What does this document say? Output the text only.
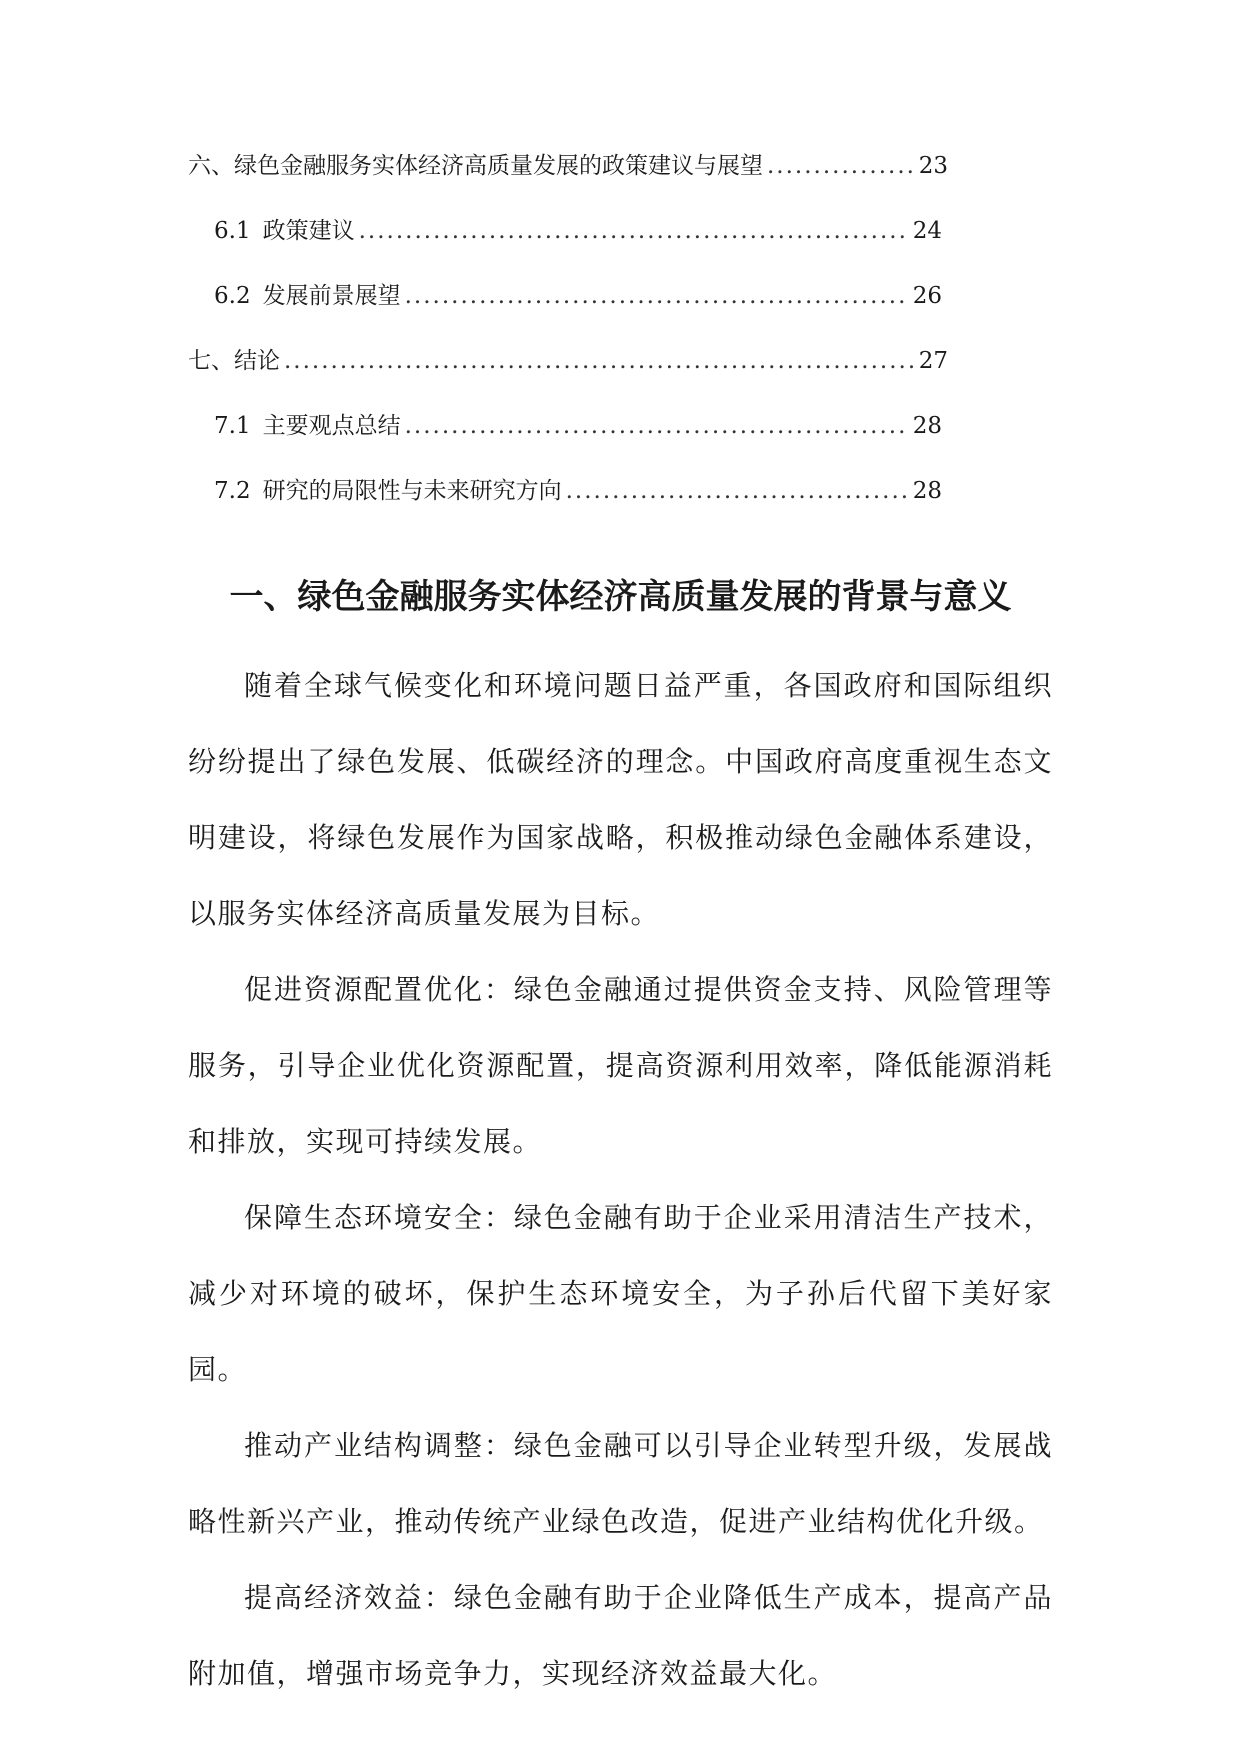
六、绿色金融服务实体经济高质量发展的政策建议与展望 .....	23
6.1 政策建议 .....	24
6.2 发展前景展望 .....	26
七、结论 .....	27
7.1 主要观点总结 .....	28
7.2 研究的局限性与未来研究方向 .....	28
一、绿色金融服务实体经济高质量发展的背景与意义

随着全球气候变化和环境问题日益严重，各国政府和国际组织纷纷提出了绿色发展、低碳经济的理念。中国政府高度重视生态文明建设，将绿色发展作为国家战略，积极推动绿色金融体系建设，以服务实体经济高质量发展为目标。

促进资源配置优化：绿色金融通过提供资金支持、风险管理等服务，引导企业优化资源配置，提高资源利用效率，降低能源消耗和排放，实现可持续发展。

保障生态环境安全：绿色金融有助于企业采用清洁生产技术，减少对环境的破坏，保护生态环境安全，为子孙后代留下美好家园。

推动产业结构调整：绿色金融可以引导企业转型升级，发展战略性新兴产业，推动传统产业绿色改造，促进产业结构优化升级。

提高经济效益：绿色金融有助于企业降低生产成本，提高产品附加值，增强市场竞争力，实现经济效益最大化。
